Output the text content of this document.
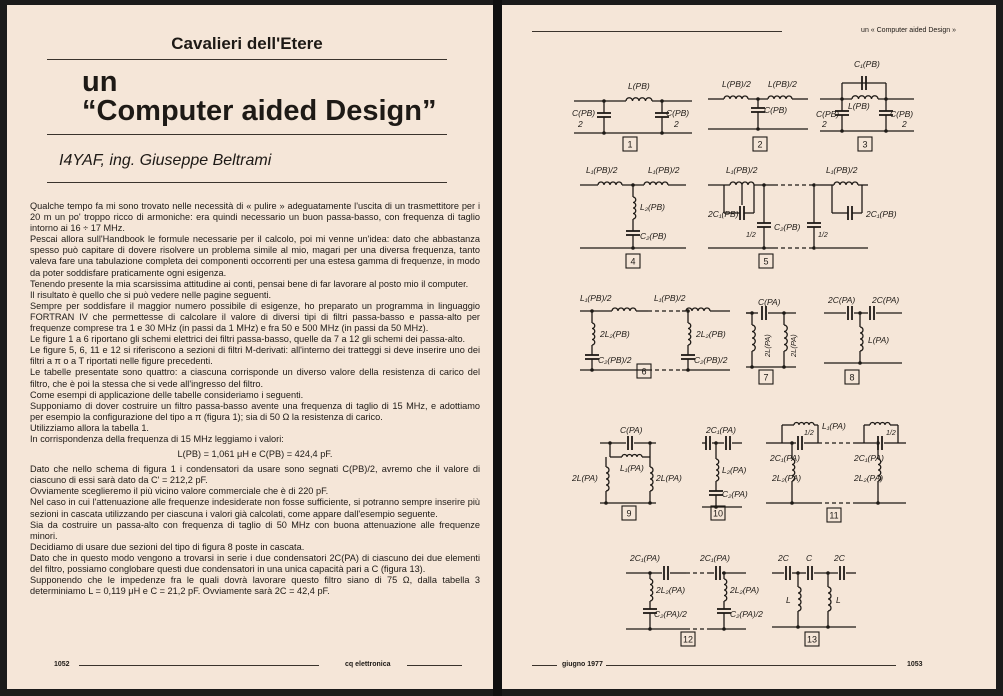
Cavalieri dell'Etere
un
“Computer aided Design”
I4YAF, ing. Giuseppe Beltrami

Qualche tempo fa mi sono trovato nelle necessità di « pulire » adeguatamente l'uscita di un trasmettitore per i 20 m un po' troppo ricco di armoniche: era quindi necessario un buon passa-basso, con frequenza di taglio intorno ai 16 ÷ 17 MHz.

Pescai allora sull'Handbook le formule necessarie per il calcolo, poi mi venne un'idea: dato che abbastanza spesso può capitare di dovere risolvere un problema simile al mio, magari per una diversa frequenza, tanto valeva fare una tabulazione completa dei componenti occorrenti per una estesa gamma di frequenze, in modo da poter soddisfare praticamente ogni esigenza.

Tenendo presente la mia scarsissima attitudine ai conti, pensai bene di far lavorare al posto mio il computer.

Il risultato è quello che si può vedere nelle pagine seguenti.

Sempre per soddisfare il maggior numero possibile di esigenze, ho preparato un programma in linguaggio FORTRAN IV che permettesse di calcolare il valore di diversi tipi di filtri passa-basso e passa-alto per frequenze comprese tra 1 e 30 MHz (in passi da 1 MHz) e fra 50 e 500 MHz (in passi da 50 MHz).

Le figure 1 a 6 riportano gli schemi elettrici dei filtri passa-basso, quelle da 7 a 12 gli schemi dei passa-alto.

Le figure 5, 6, 11 e 12 si riferiscono a sezioni di filtri M-derivati: all'interno dei tratteggi si deve inserire uno dei filtri a π o a T riportati nelle figure precedenti.

Le tabelle presentate sono quattro: a ciascuna corrisponde un diverso valore della resistenza di carico del filtro, che è poi la stessa che si vede all'ingresso del filtro.

Come esempi di applicazione delle tabelle consideriamo i seguenti.

Supponiamo di dover costruire un filtro passa-basso avente una frequenza di taglio di 15 MHz, e adottiamo per esempio la configurazione del tipo a π (figura 1); sia di 50 Ω la resistenza di carico.

Utilizziamo allora la tabella 1.

In corrispondenza della frequenza di 15 MHz leggiamo i valori:

L(PB) = 1,061 μH e C(PB) = 424,4 pF.

Dato che nello schema di figura 1 i condensatori da usare sono segnati C(PB)/2, avremo che il valore di ciascuno di essi sarà dato da C' = 212,2 pF.

Ovviamente sceglieremo il più vicino valore commerciale che è di 220 pF.

Nel caso in cui l'attenuazione alle frequenze indesiderate non fosse sufficiente, si potranno sempre inserire più sezioni in cascata utilizzando per ciascuna i valori già calcolati, come appare dall'esempio seguente.

Sia da costruire un passa-alto con frequenza di taglio di 50 MHz con buona attenuazione alle frequenze minori.

Decidiamo di usare due sezioni del tipo di figura 8 poste in cascata.

Dato che in questo modo vengono a trovarsi in serie i due condensatori 2C(PA) di ciascuno dei due elementi del filtro, possiamo conglobare questi due condensatori in una unica capacità pari a C (figura 13).

Supponendo che le impedenze fra le quali dovrà lavorare questo filtro siano di 75 Ω, dalla tabella 3 determiniamo L = 0,119 μH e C = 21,2 pF. Ovviamente sarà 2C = 42,4 pF.

1052	cq elettronica
un « Computer aided Design »
L(PB)
C(PB)
2
C(PB)
2
1
L(PB)/2 L(PB)/2
C(PB)
2
C₁(PB)
C(PB)
2
L(PB)
C(PB)
2
3
L₁(PB)/2	L₁(PB)/2
L₂(PB)
C₂(PB)
4
L₁(PB)/2
2C₁(PB)
C₂(PB)
1/2
L₁(PB)/2
2C₁(PB)
1/2
5
L₁(PB)/2	L₁(PB)/2
2L₂(PB)
C₂(PB)/2
2L₂(PB)
C₂(PB)/2
6
C(PA)
2L(PA) 2L(PA)
7
2C(PA) 2C(PA)
L(PA)
8
C(PA)
L₁(PA)
2L(PA)	2L(PA)
9
2C₁(PA)
L₂(PA)
C₂(PA)
10
1/2
L₁(PA)
1/2
2C₁(PA)
2L₂(PA)
2C₁(PA)
2L₂(PA)
11
2C₁(PA)	2C₁(PA)
2L₂(PA)
C₂(PA)/2
2L₂(PA)
C₂(PA)/2
12
2C C	2C
L	L
13
giugno 1977	1053
